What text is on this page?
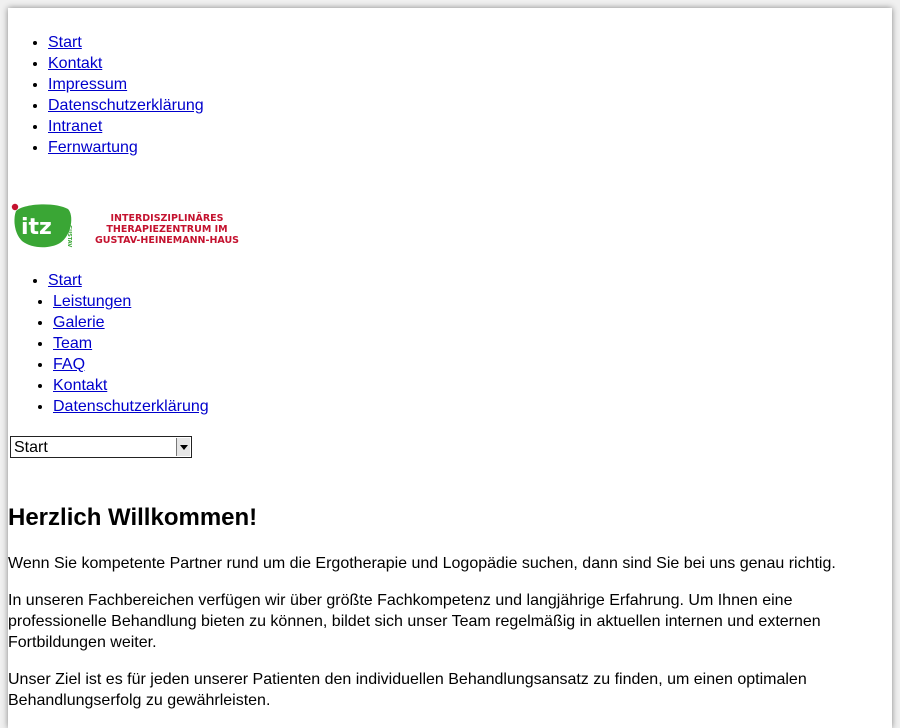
• Start
• Kontakt
• Impressum
• Datenschutzerklärung
• Intranet
• Fernwartung
itz	GUSTAV
INTERDISZIPLINÄRES
THERAPIEZENTRUM IM
GUSTAV-HEINEMANN-HAUS
• Start
• Leistungen
• Galerie
• Team
• FAQ
• Kontakt
• Datenschutzerklärung
Start
Herzlich Willkommen!

Wenn Sie kompetente Partner rund um die Ergotherapie und Logopädie suchen, dann sind Sie bei uns genau richtig.

In unseren Fachbereichen verfügen wir über größte Fachkompetenz und langjährige Erfahrung. Um Ihnen eine professionelle Behandlung bieten zu können, bildet sich unser Team regelmäßig in aktuellen internen und externen Fortbildungen weiter.

Unser Ziel ist es für jeden unserer Patienten den individuellen Behandlungsansatz zu finden, um einen optimalen Behandlungserfolg zu gewährleisten.
